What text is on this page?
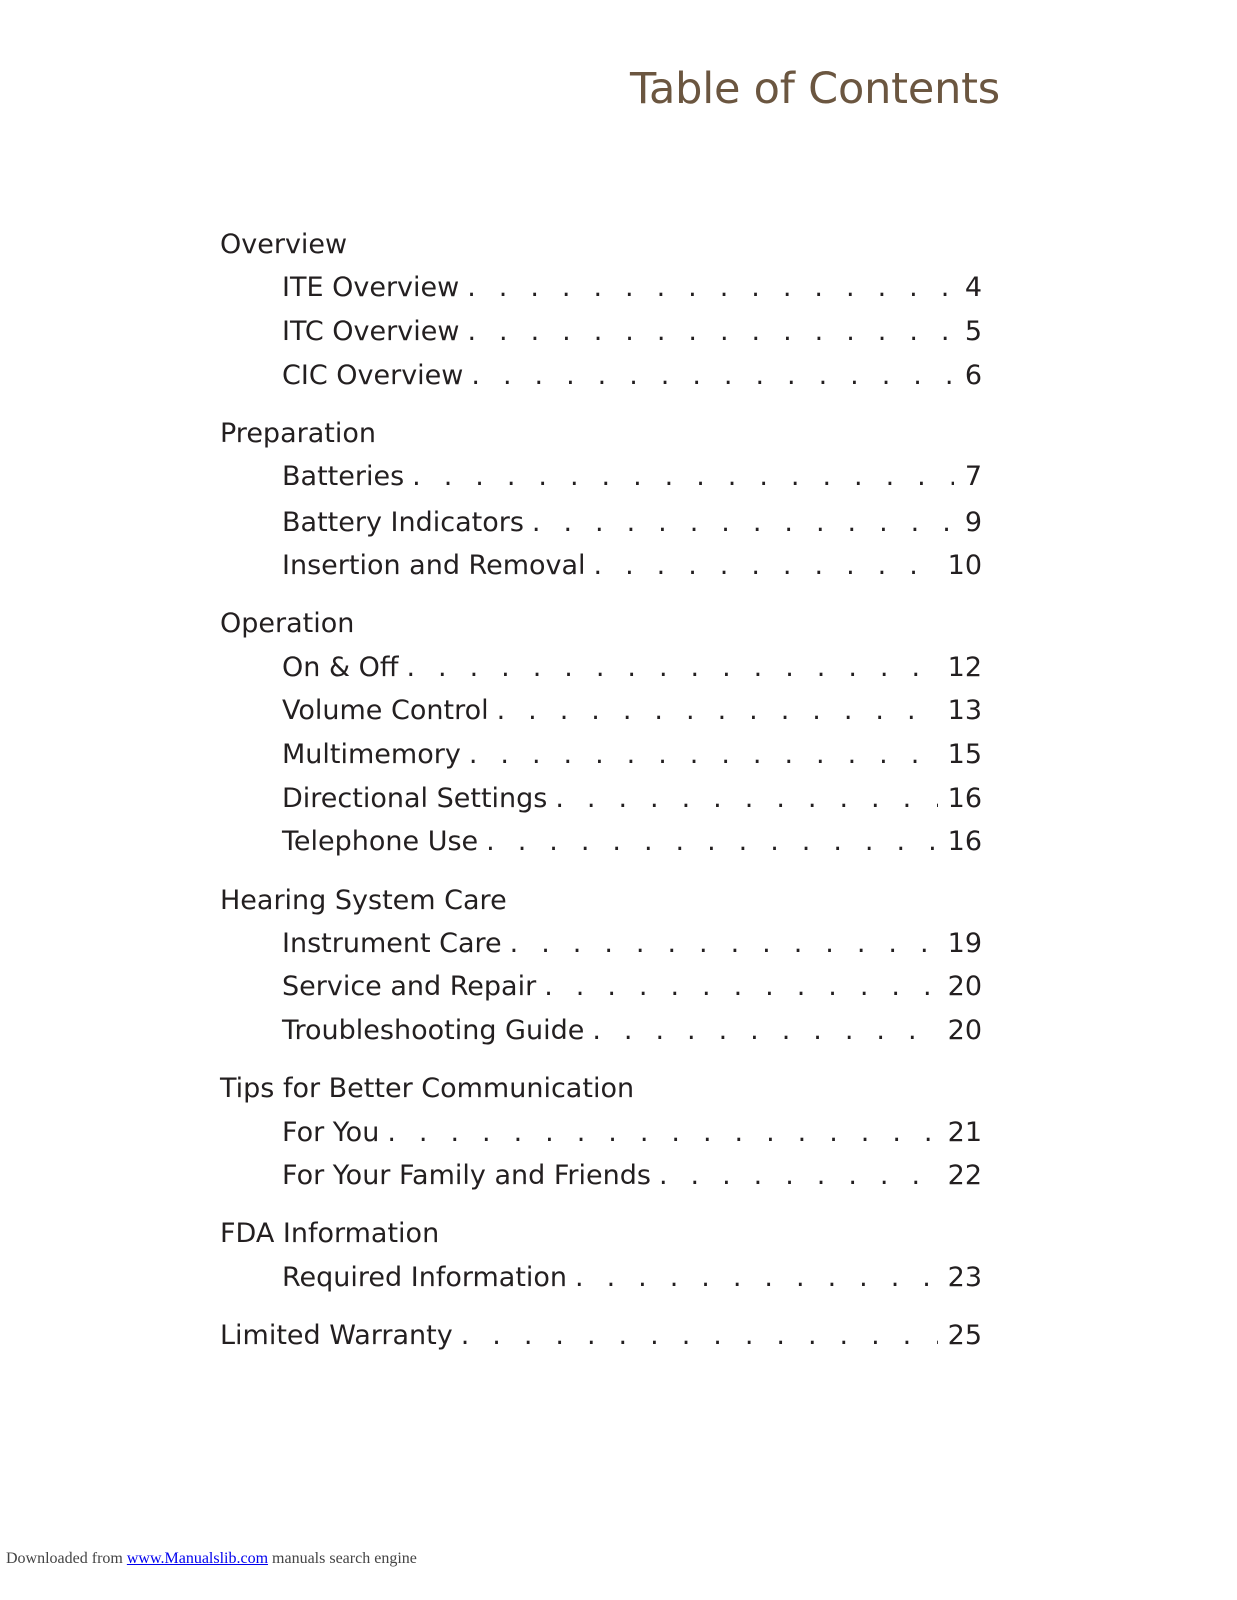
Table of Contents
Overview
ITE Overview . . .	4
ITC Overview . . .	5
CIC Overview . . .	6
Preparation
Batteries . . .	7
Battery Indicators . . .	9
Insertion and Removal . . .	10
Operation
On & Off . . .	12
Volume Control . . .	13
Multimemory . . .	15
Directional Settings . . .	16
Telephone Use . . .	16
Hearing System Care
Instrument Care . . .	19
Service and Repair . . .	20
Troubleshooting Guide . . .	20
Tips for Better Communication
For You . . .	21
For Your Family and Friends . . .	22
FDA Information
Required Information . . .	23
Limited Warranty . . .	25
Downloaded from www.Manualslib.com manuals search engine
